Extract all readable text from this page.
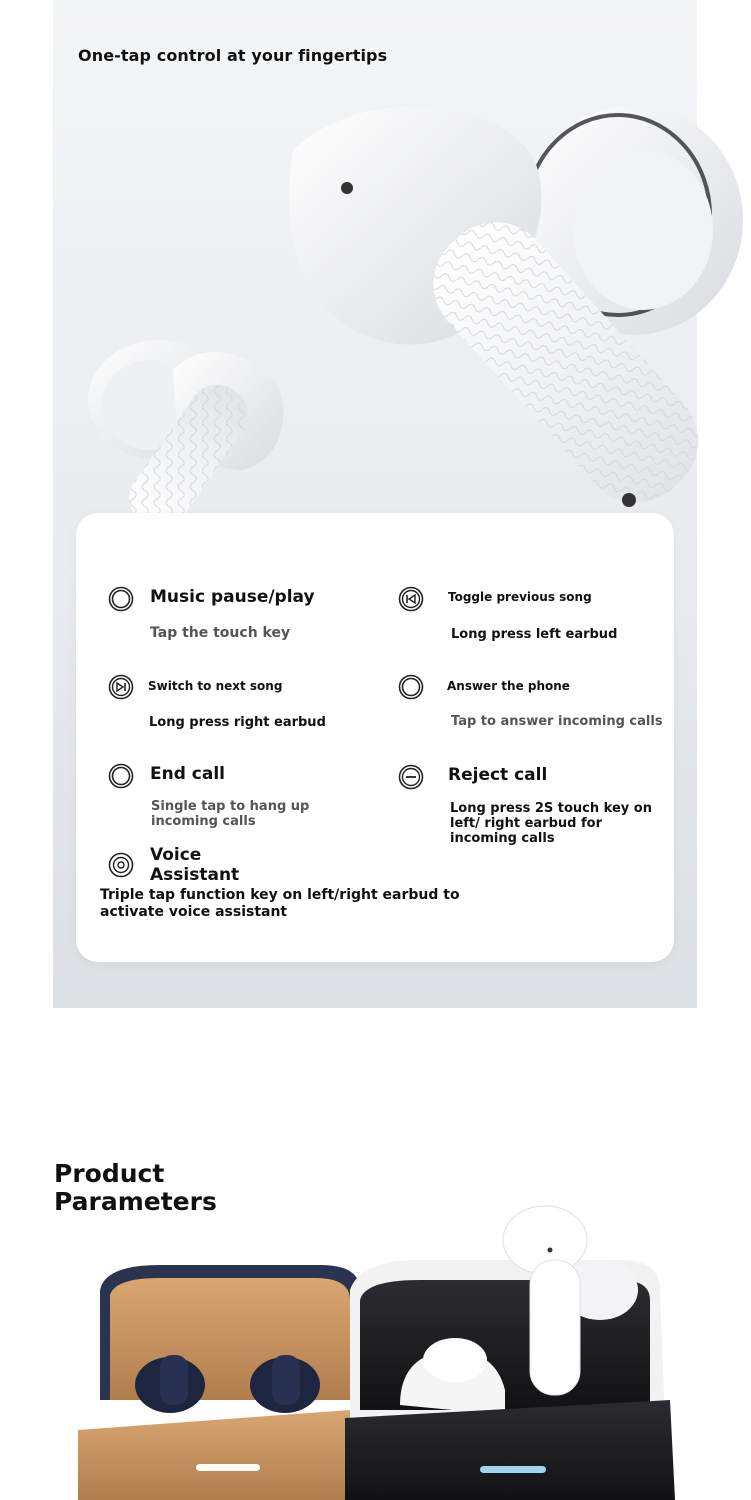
One-tap control at your fingertips
Music pause/play
Tap the touch key
Toggle previous song
Long press left earbud
Switch to next song
Long press right earbud
Answer the phone
Tap to answer incoming calls
End call
Single tap to hang up incoming calls
Reject call
Long press 2S touch key on left/ right earbud for incoming calls
Voice Assistant
Triple tap function key on left/right earbud to activate voice assistant
Product Parameters
